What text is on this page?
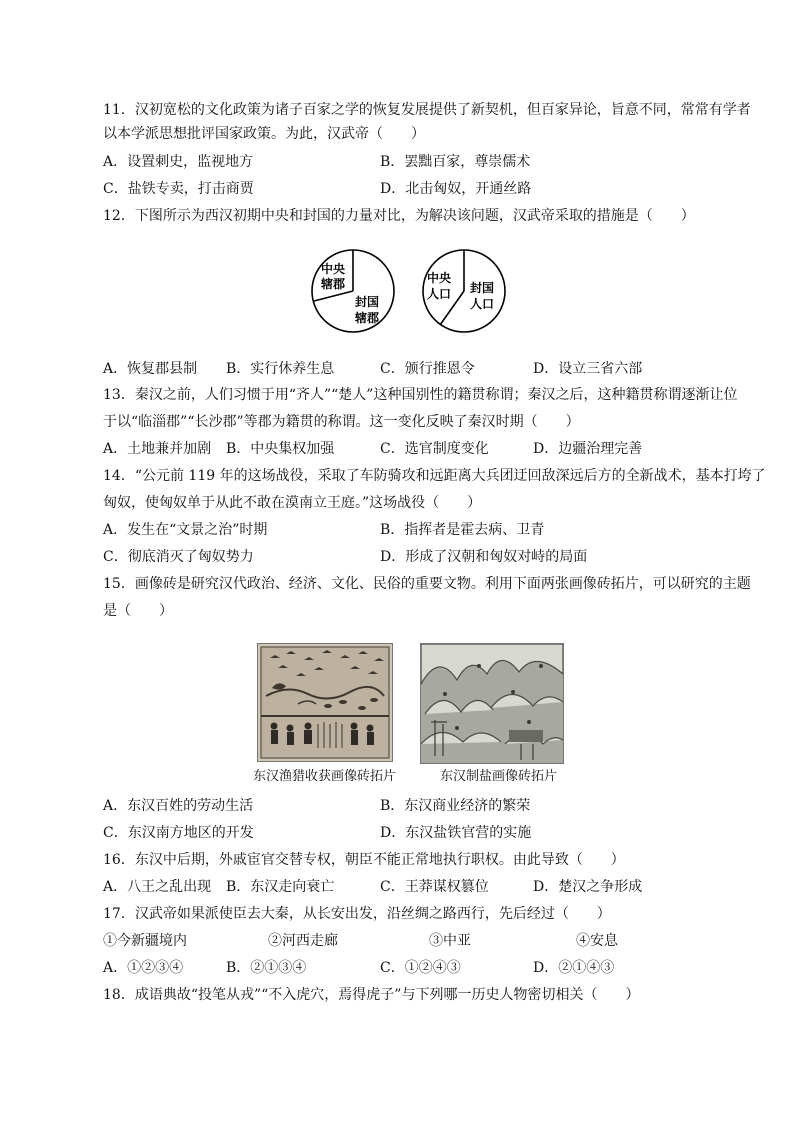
11．汉初宽松的文化政策为诸子百家之学的恢复发展提供了新契机，但百家异论，旨意不同，常常有学者
以本学派思想批评国家政策。为此，汉武帝（　　）
A．设置刺史，监视地方	B．罢黜百家，尊崇儒术
C．盐铁专卖，打击商贾	D．北击匈奴，开通丝路
12．下图所示为西汉初期中央和封国的力量对比，为解决该问题，汉武帝采取的措施是（　　）
中央
辖郡
封国
辖郡
中央
人口 封国
人口
A．恢复郡县制 B．实行休养生息	C．颁行推恩令	D．设立三省六部
13．秦汉之前，人们习惯于用“齐人”“楚人”这种国别性的籍贯称谓；秦汉之后，这种籍贯称谓逐渐让位
于以“临淄郡”“长沙郡”等郡为籍贯的称谓。这一变化反映了秦汉时期（　　）
A．土地兼并加剧 B．中央集权加强	C．选官制度变化	D．边疆治理完善
14．“公元前 119 年的这场战役，采取了车防骑攻和远距离大兵团迂回敌深远后方的全新战术，基本打垮了
匈奴，使匈奴单于从此不敢在漠南立王庭。”这场战役（　　）
A．发生在“文景之治”时期	B．指挥者是霍去病、卫青
C．彻底消灭了匈奴势力	D．形成了汉朝和匈奴对峙的局面
15．画像砖是研究汉代政治、经济、文化、民俗的重要文物。利用下面两张画像砖拓片，可以研究的主题
是（　　）
东汉渔猎收获画像砖拓片	东汉制盐画像砖拓片
A．东汉百姓的劳动生活	B．东汉商业经济的繁荣
C．东汉南方地区的开发	D．东汉盐铁官营的实施
16．东汉中后期，外戚宦官交替专权，朝臣不能正常地执行职权。由此导致（　　）
A．八王之乱出现 B．东汉走向衰亡	C．王莽谋权篡位	D．楚汉之争形成
17．汉武帝如果派使臣去大秦，从长安出发，沿丝绸之路西行，先后经过（　　）
①今新疆境内	②河西走廊	③中亚	④安息
A．①②③④	B．②①③④	C．①②④③	D．②①④③
18．成语典故“投笔从戎”“不入虎穴，焉得虎子”与下列哪一历史人物密切相关（　　）
